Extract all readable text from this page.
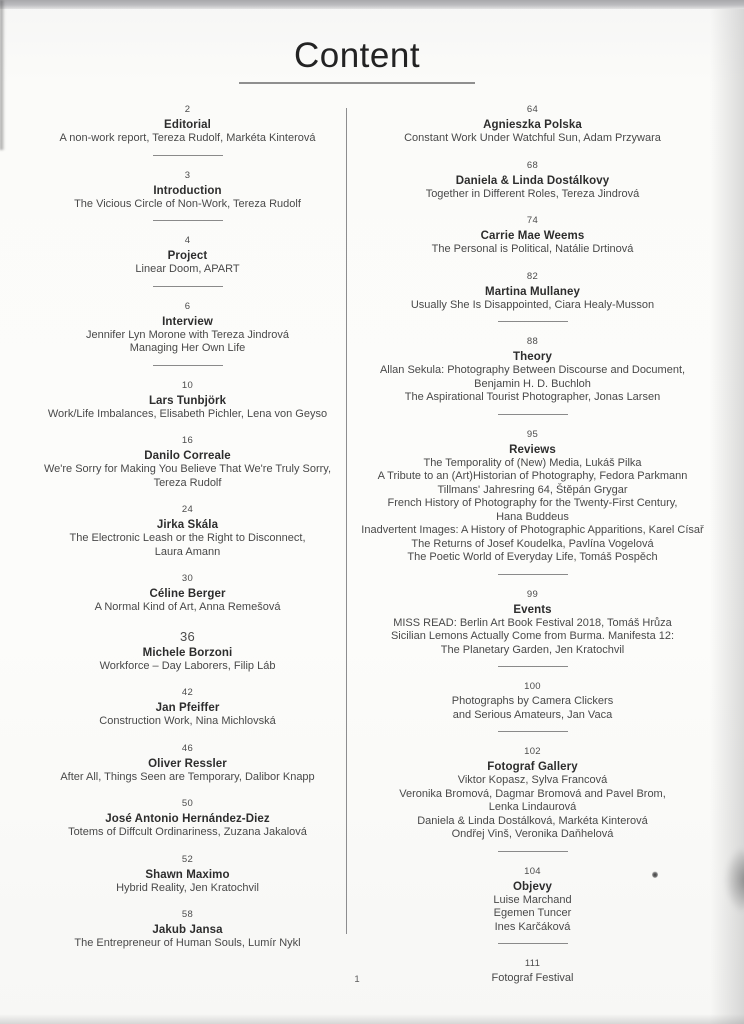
Content
2
Editorial
A non-work report, Tereza Rudolf, Markéta Kinterová
3
Introduction
The Vicious Circle of Non-Work, Tereza Rudolf
4
Project
Linear Doom, APART
6
Interview
Jennifer Lyn Morone with Tereza Jindrová
Managing Her Own Life
10
Lars Tunbjörk
Work/Life Imbalances, Elisabeth Pichler, Lena von Geyso
16
Danilo Correale
We're Sorry for Making You Believe That We're Truly Sorry,
Tereza Rudolf
24
Jirka Skála
The Electronic Leash or the Right to Disconnect,
Laura Amann
30
Céline Berger
A Normal Kind of Art, Anna Remešová
36
Michele Borzoni
Workforce – Day Laborers, Filip Láb
42
Jan Pfeiffer
Construction Work, Nina Michlovská
46
Oliver Ressler
After All, Things Seen are Temporary, Dalibor Knapp
50
José Antonio Hernández-Diez
Totems of Diffcult Ordinariness, Zuzana Jakalová
52
Shawn Maximo
Hybrid Reality, Jen Kratochvil
58
Jakub Jansa
The Entrepreneur of Human Souls, Lumír Nykl
64
Agnieszka Polska
Constant Work Under Watchful Sun, Adam Przywara
68
Daniela & Linda Dostálkovy
Together in Different Roles, Tereza Jindrová
74
Carrie Mae Weems
The Personal is Political, Natálie Drtinová
82
Martina Mullaney
Usually She Is Disappointed, Ciara Healy-Musson
88
Theory
Allan Sekula: Photography Between Discourse and Document,
Benjamin H. D. Buchloh
The Aspirational Tourist Photographer, Jonas Larsen
95
Reviews
The Temporality of (New) Media, Lukáš Pilka
A Tribute to an (Art)Historian of Photography, Fedora Parkmann
Tillmans' Jahresring 64, Štěpán Grygar
French History of Photography for the Twenty-First Century,
Hana Buddeus
Inadvertent Images: A History of Photographic Apparitions, Karel Císař
The Returns of Josef Koudelka, Pavlína Vogelová
The Poetic World of Everyday Life, Tomáš Pospěch
99
Events
MISS READ: Berlin Art Book Festival 2018, Tomáš Hrůza
Sicilian Lemons Actually Come from Burma. Manifesta 12:
The Planetary Garden, Jen Kratochvil
100
Photographs by Camera Clickers
and Serious Amateurs, Jan Vaca
102
Fotograf Gallery
Viktor Kopasz, Sylva Francová
Veronika Bromová, Dagmar Bromová and Pavel Brom,
Lenka Lindaurová
Daniela & Linda Dostálková, Markéta Kinterová
Ondřej Vinš, Veronika Daňhelová
104
Objevy
Luise Marchand
Egemen Tuncer
Ines Karčáková
111
Fotograf Festival
1
